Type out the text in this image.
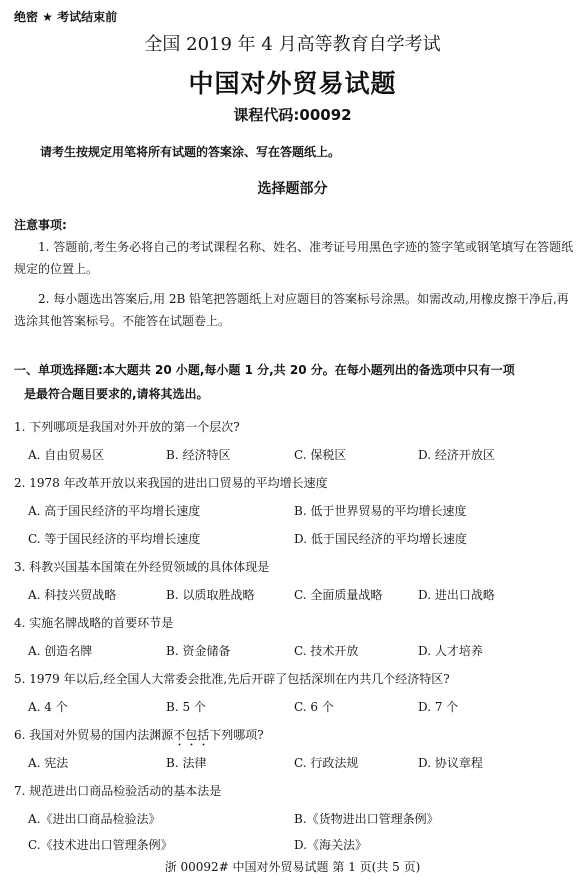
绝密 ★ 考试结束前
全国 2019 年 4 月高等教育自学考试
中国对外贸易试题
课程代码:00092
请考生按规定用笔将所有试题的答案涂、写在答题纸上。
选择题部分
注意事项:
1. 答题前,考生务必将自己的考试课程名称、姓名、准考证号用黑色字迹的签字笔或钢笔填写在答题纸规定的位置上。
2. 每小题选出答案后,用 2B 铅笔把答题纸上对应题目的答案标号涂黑。如需改动,用橡皮擦干净后,再选涂其他答案标号。不能答在试题卷上。
一、单项选择题:本大题共 20 小题,每小题 1 分,共 20 分。在每小题列出的备选项中只有一项
是最符合题目要求的,请将其选出。
1. 下列哪项是我国对外开放的第一个层次?
A. 自由贸易区	B. 经济特区	C. 保税区	D. 经济开放区
2. 1978 年改革开放以来我国的进出口贸易的平均增长速度
A. 高于国民经济的平均增长速度	B. 低于世界贸易的平均增长速度
C. 等于国民经济的平均增长速度	D. 低于国民经济的平均增长速度
3. 科教兴国基本国策在外经贸领域的具体体现是
A. 科技兴贸战略	B. 以质取胜战略	C. 全面质量战略	D. 进出口战略
4. 实施名牌战略的首要环节是
A. 创造名牌	B. 资金储备	C. 技术开放	D. 人才培养
5. 1979 年以后,经全国人大常委会批准,先后开辟了包括深圳在内共几个经济特区?
A. 4 个	B. 5 个	C. 6 个	D. 7 个
6. 我国对外贸易的国内法渊源不包括下列哪项?
A. 宪法	B. 法律	C. 行政法规	D. 协议章程
7. 规范进出口商品检验活动的基本法是
A.《进出口商品检验法》	B.《货物进出口管理条例》
C.《技术进出口管理条例》	D.《海关法》
浙 00092# 中国对外贸易试题 第 1 页(共 5 页)
